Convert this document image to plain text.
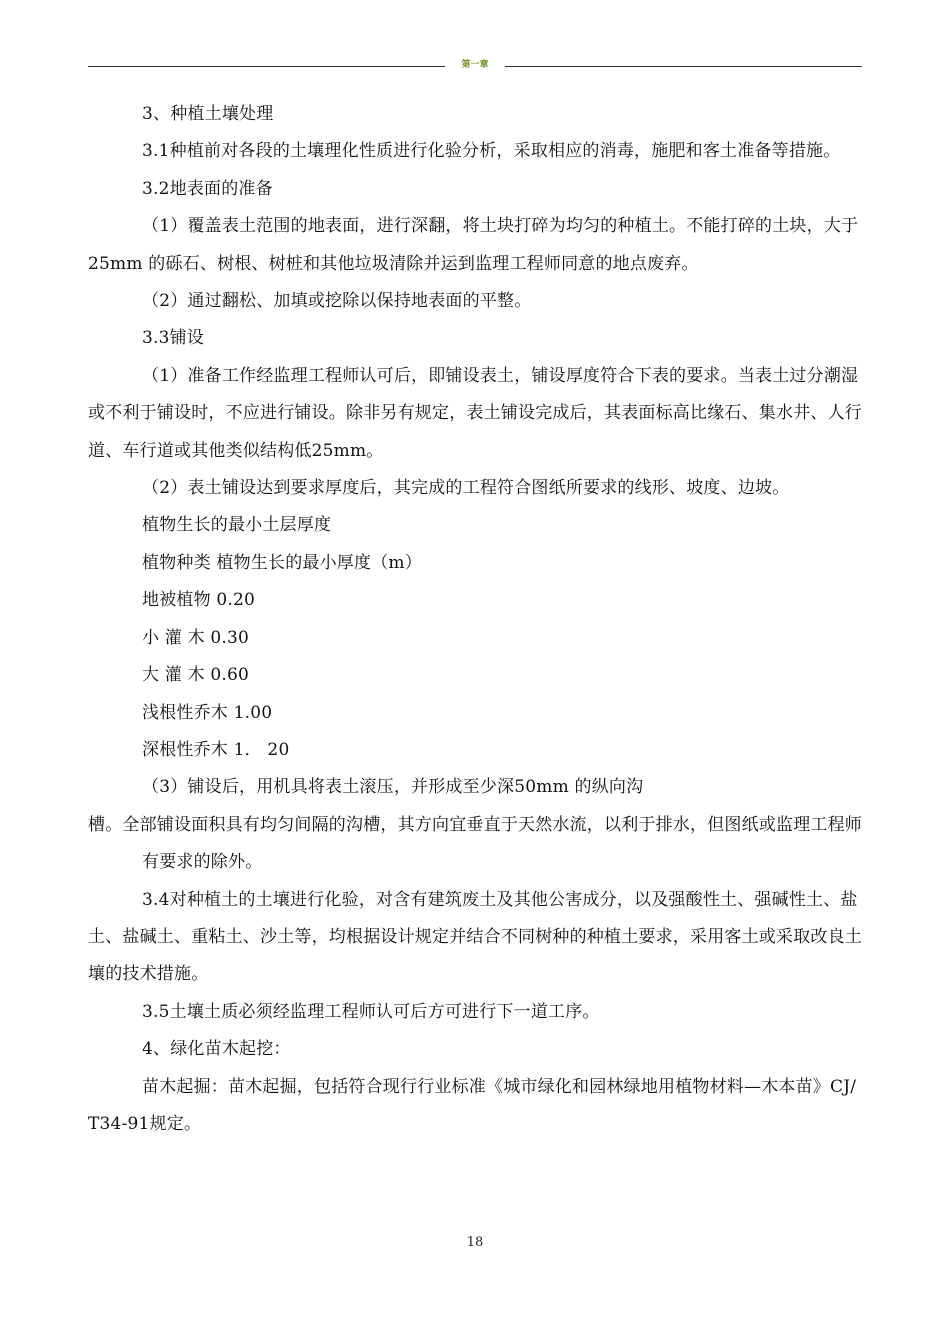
第一章

3、种植土壤处理

3.1种植前对各段的土壤理化性质进行化验分析，采取相应的消毒，施肥和客土准备等措施。

3.2地表面的准备

（1）覆盖表土范围的地表面，进行深翻，将土块打碎为均匀的种植土。不能打碎的土块，大于25mm 的砾石、树根、树桩和其他垃圾清除并运到监理工程师同意的地点废弃。

（2）通过翻松、加填或挖除以保持地表面的平整。

3.3铺设

（1）准备工作经监理工程师认可后，即铺设表土，铺设厚度符合下表的要求。当表土过分潮湿或不利于铺设时，不应进行铺设。除非另有规定，表土铺设完成后，其表面标高比缘石、集水井、人行道、车行道或其他类似结构低25mm。

（2）表土铺设达到要求厚度后，其完成的工程符合图纸所要求的线形、坡度、边坡。

植物生长的最小土层厚度

植物种类 植物生长的最小厚度（m）

地被植物 0.20

小 灌 木 0.30

大 灌 木 0.60

浅根性乔木 1.00

深根性乔木 1． 20

（3）铺设后，用机具将表土滚压，并形成至少深50mm 的纵向沟

槽。全部铺设面积具有均匀间隔的沟槽，其方向宜垂直于天然水流，以利于排水，但图纸或监理工程师

有要求的除外。

3.4对种植土的土壤进行化验，对含有建筑废土及其他公害成分，以及强酸性土、强碱性土、盐土、盐碱土、重粘土、沙土等，均根据设计规定并结合不同树种的种植土要求，采用客土或采取改良土壤的技术措施。

3.5土壤土质必须经监理工程师认可后方可进行下一道工序。

4、绿化苗木起挖：

苗木起掘：苗木起掘，包括符合现行行业标准《城市绿化和园林绿地用植物材料—木本苗》CJ/T34-91规定。

18
